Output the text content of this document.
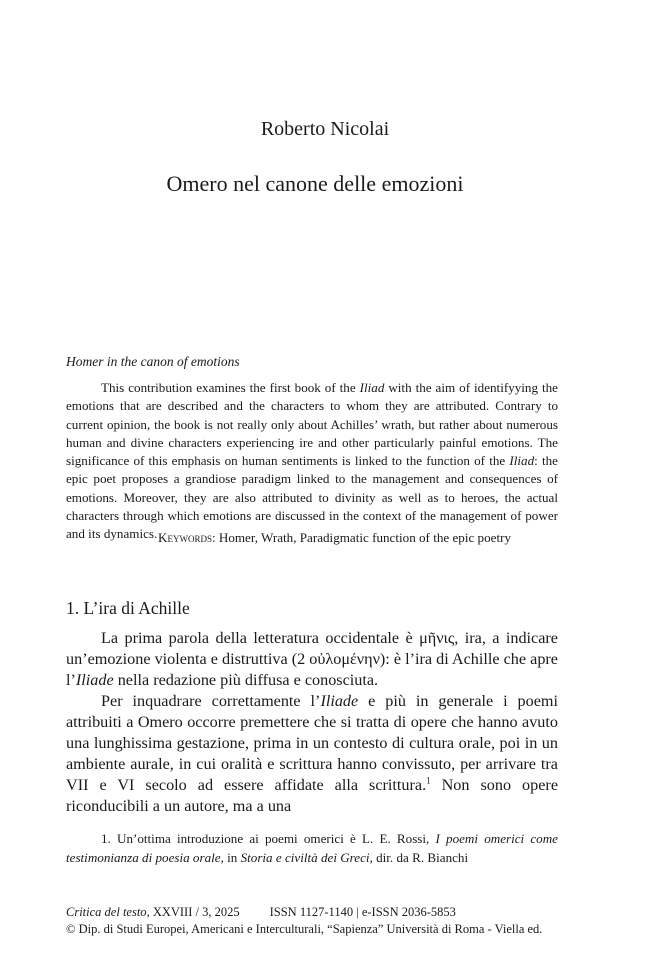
Roberto Nicolai
Omero nel canone delle emozioni
Homer in the canon of emotions

This contribution examines the first book of the Iliad with the aim of identifyying the emotions that are described and the characters to whom they are attributed. Contrary to current opinion, the book is not really only about Achilles’ wrath, but rather about numerous human and divine characters experiencing ire and other particularly painful emotions. The significance of this emphasis on human sentiments is linked to the function of the Iliad: the epic poet proposes a grandiose paradigm linked to the management and consequences of emotions. Moreover, they are also attributed to divinity as well as to heroes, the actual characters through which emotions are discussed in the context of the management of power and its dynamics. Keywords: Homer, Wrath, Paradigmatic function of the epic poetry
1. L’ira di Achille

La prima parola della letteratura occidentale è μῆνις, ira, a indicare un’emozione violenta e distruttiva (2 οὐλομένην): è l’ira di Achille che apre l’Iliade nella redazione più diffusa e conosciuta.

Per inquadrare correttamente l’Iliade e più in generale i poemi attribuiti a Omero occorre premettere che si tratta di opere che hanno avuto una lunghissima gestazione, prima in un contesto di cultura orale, poi in un ambiente aurale, in cui oralità e scrittura hanno convissuto, per arrivare tra VII e VI secolo ad essere affidate alla scrittura.$^1$ Non sono opere riconducibili a un autore, ma a una

1. Un’ottima introduzione ai poemi omerici è L. E. Rossi, I poemi omerici come testimonianza di poesia orale, in Storia e civiltà dei Greci, dir. da R. Bianchi

Critica del testo, XXVIII / 3, 2025 ISSN 1127-1140 | e-ISSN 2036-5853
© Dip. di Studi Europei, Americani e Interculturali, “Sapienza” Università di Roma - Viella ed.
